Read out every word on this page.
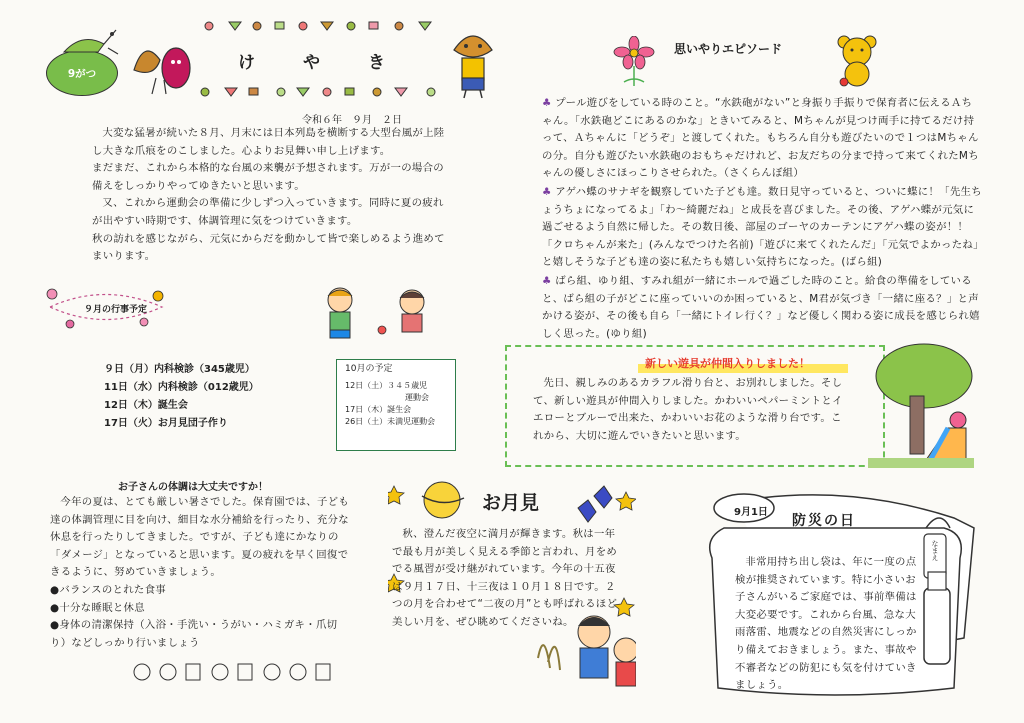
9がつ
けやき
令和６年　９月　２日

大変な猛暑が続いた８月、月末には日本列島を横断する大型台風が上陸し大きな爪痕をのこしました。心よりお見舞い申し上げます。

まだまだ、これから本格的な台風の来襲が予想されます。万が一の場合の備えをしっかりやってゆきたいと思います。

又、これから運動会の準備に少しずつ入っていきます。同時に夏の疲れが出やすい時期です、体調管理に気をつけていきます。

秋の訪れを感じながら、元気にからだを動かして皆で楽しめるよう進めてまいります。

９月の行事予定
９日（月）内科検診（345歳児）
11日（水）内科検診（012歳児）
12日（木）誕生会
17日（火）お月見団子作り
10月の予定
12日（土）３４５歳児
運動会
17日（木）誕生会
26日（土）未満児運動会
お子さんの体調は大丈夫ですか！

今年の夏は、とても厳しい暑さでした。保育園では、子ども達の体調管理に目を向け、細目な水分補給を行ったり、充分な休息を行ったりしてきました。ですが、子ども達にかなりの「ダメージ」となっていると思います。夏の疲れを早く回復できるように、努めていきましょう。

●バランスのとれた食事

●十分な睡眠と休息

●身体の清潔保持（入浴・手洗い・うがい・ハミガキ・爪切り）などしっかり行いましょう

お月見

秋、澄んだ夜空に満月が輝きます。秋は一年で最も月が美しく見える季節と言われ、月をめでる風習が受け継がれています。今年の十五夜は９月１７日、十三夜は１０月１８日です。２つの月を合わせて“二夜の月”とも呼ばれるほど美しい月を、ぜひ眺めてくださいね。

思いやりエピソード

♣ プール遊びをしている時のこと。“水鉄砲がない”と身振り手振りで保育者に伝えるＡちゃん。「水鉄砲どこにあるのかな」ときいてみると、Mちゃんが見つけ両手に持てるだけ持って、Ａちゃんに「どうぞ」と渡してくれた。もちろん自分も遊びたいので１つはMちゃんの分。自分も遊びたい水鉄砲のおもちゃだけれど、お友だちの分まで持って来てくれたMちゃんの優しさにほっこりさせられた。（さくらんぼ組）

♣ アゲハ蝶のサナギを観察していた子ども達。数日見守っていると、ついに蝶に！「先生ちょうちょになってるよ」「わ〜綺麗だね」と成長を喜びました。その後、アゲハ蝶が元気に過ごせるよう自然に帰した。その数日後、部屋のゴーヤのカーテンにアゲハ蝶の姿が！！「クロちゃんが来た」(みんなでつけた名前)「遊びに来てくれたんだ」「元気でよかったね」と嬉しそうな子ども達の姿に私たちも嬉しい気持ちになった。(ばら組)

♣ ばら組、ゆり組、すみれ組が一緒にホールで過ごした時のこと。給食の準備をしていると、ばら組の子がどこに座っていいのか困っていると、M君が気づき「一緒に座る？」と声かける姿が、その後も自ら「一緒にトイレ行く？」など優しく関わる姿に成長を感じられ嬉しく思った。(ゆり組)

新しい遊具が仲間入りしました！

先日、親しみのあるカラフル滑り台と、お別れしました。そして、新しい遊具が仲間入りしました。かわいいペパーミントとイエローとブルーで出来た、かわいいお花のような滑り台です。これから、大切に遊んでいきたいと思います。

9月1日
防災の日
なまえ

非常用持ち出し袋は、年に一度の点検が推奨されています。特に小さいお子さんがいるご家庭では、事前準備は大変必要です。これから台風、急な大雨落雷、地震などの自然災害にしっかり備えておきましょう。また、事故や不審者などの防犯にも気を付けていきましょう。
